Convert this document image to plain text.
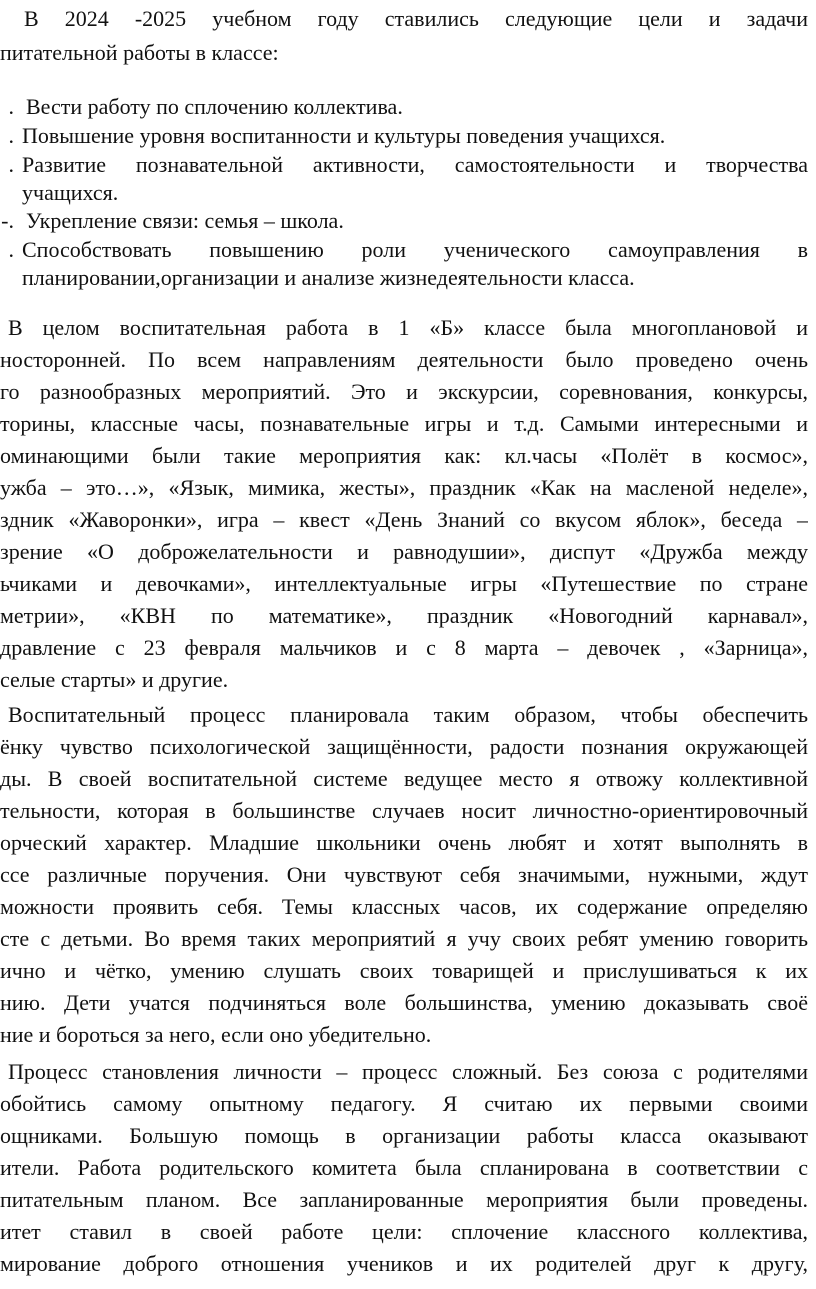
В 2024 -2025 учебном году ставились следующие цели и задачи

питательной работы в классе:

. Вести работу по сплочению коллектива.

. Повышение уровня воспитанности и культуры поведения учащихся.

. Развитие познавательной активности, самостоятельности и творчества

учащихся.

-. Укрепление связи: семья – школа.

. Способствовать повышению роли ученического самоуправления в

планировании,организации и анализе жизнедеятельности класса.

В целом воспитательная работа в 1 «Б» классе была многоплановой и

носторонней. По всем направлениям деятельности было проведено очень

го разнообразных мероприятий. Это и экскурсии, соревнования, конкурсы,

торины, классные часы, познавательные игры и т.д. Самыми интересными и

оминающими были такие мероприятия как: кл.часы «Полёт в космос»,

ужба – это…», «Язык, мимика, жесты», праздник «Как на масленой неделе»,

здник «Жаворонки», игра – квест «День Знаний со вкусом яблок», беседа –

зрение «О доброжелательности и равнодушии», диспут «Дружба между

ьчиками и девочками», интеллектуальные игры «Путешествие по стране

метрии», «КВН по математике», праздник «Новогодний карнавал»,

дравление с 23 февраля мальчиков и с 8 марта – девочек , «Зарница»,

селые старты» и другие.

Воспитательный процесс планировала таким образом, чтобы обеспечить

ёнку чувство психологической защищённости, радости познания окружающей

ды. В своей воспитательной системе ведущее место я отвожу коллективной

тельности, которая в большинстве случаев носит личностно-ориентировочный

орческий характер. Младшие школьники очень любят и хотят выполнять в

ссе различные поручения. Они чувствуют себя значимыми, нужными, ждут

можности проявить себя. Темы классных часов, их содержание определяю

сте с детьми. Во время таких мероприятий я учу своих ребят умению говорить

ично и чётко, умению слушать своих товарищей и прислушиваться к их

нию. Дети учатся подчиняться воле большинства, умению доказывать своё

ние и бороться за него, если оно убедительно.

Процесс становления личности – процесс сложный. Без союза с родителями

обойтись самому опытному педагогу. Я считаю их первыми своими

ощниками. Большую помощь в организации работы класса оказывают

ители. Работа родительского комитета была спланирована в соответствии с

питательным планом. Все запланированные мероприятия были проведены.

итет ставил в своей работе цели: сплочение классного коллектива,

мирование доброго отношения учеников и их родителей друг к другу,
